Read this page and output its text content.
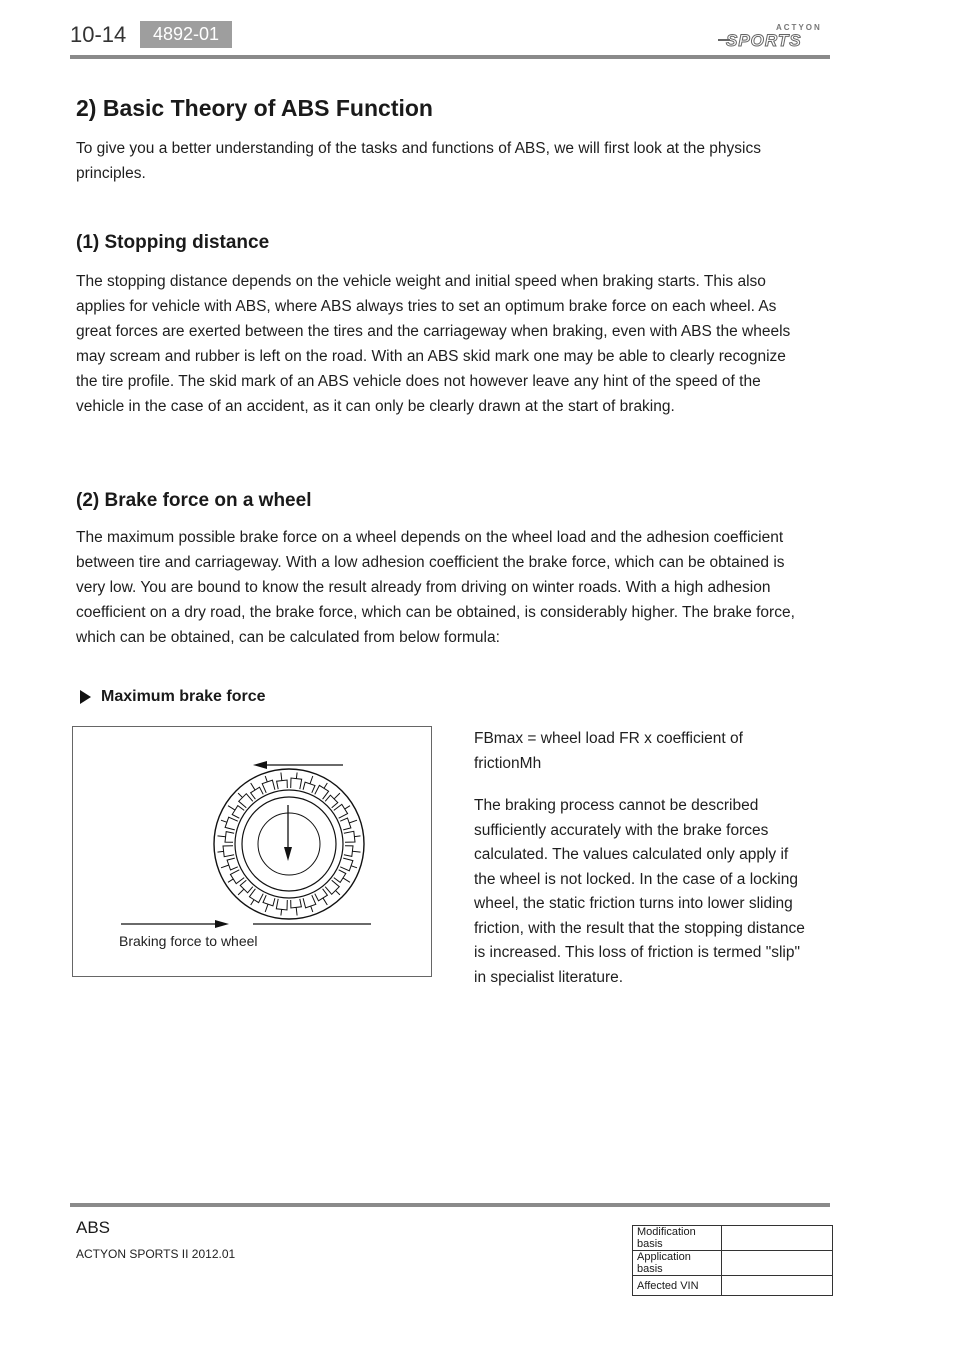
10-14	4892-01	ACTYON
SPORTS
2) Basic Theory of ABS Function

To give you a better understanding of the tasks and functions of ABS, we will first look at the physics principles.

(1) Stopping distance

The stopping distance depends on the vehicle weight and initial speed when braking starts. This also applies for vehicle with ABS, where ABS always tries to set an optimum brake force on each wheel. As great forces are exerted between the tires and the carriageway when braking, even with ABS the wheels may scream and rubber is left on the road. With an ABS skid mark one may be able to clearly recognize the tire profile. The skid mark of an ABS vehicle does not however leave any hint of the speed of the vehicle in the case of an accident, as it can only be clearly drawn at the start of braking.

(2) Brake force on a wheel

The maximum possible brake force on a wheel depends on the wheel load and the adhesion coefficient between tire and carriageway. With a low adhesion coefficient the brake force, which can be obtained is very low. You are bound to know the result already from driving on winter roads. With a high adhesion coefficient on a dry road, the brake force, which can be obtained, is considerably higher. The brake force, which can be obtained, can be calculated from below formula:

Maximum brake force
Braking force to wheel

FBmax = wheel load FR x coefficient of frictionMh

The braking process cannot be described sufficiently accurately with the brake forces calculated. The values calculated only apply if the wheel is not locked. In the case of a locking wheel, the static friction turns into lower sliding friction, with the result that the stopping distance is increased. This loss of friction is termed "slip" in specialist literature.

ABS
ACTYON SPORTS II 2012.01
Modification basis	
Application basis	
Affected VIN	
